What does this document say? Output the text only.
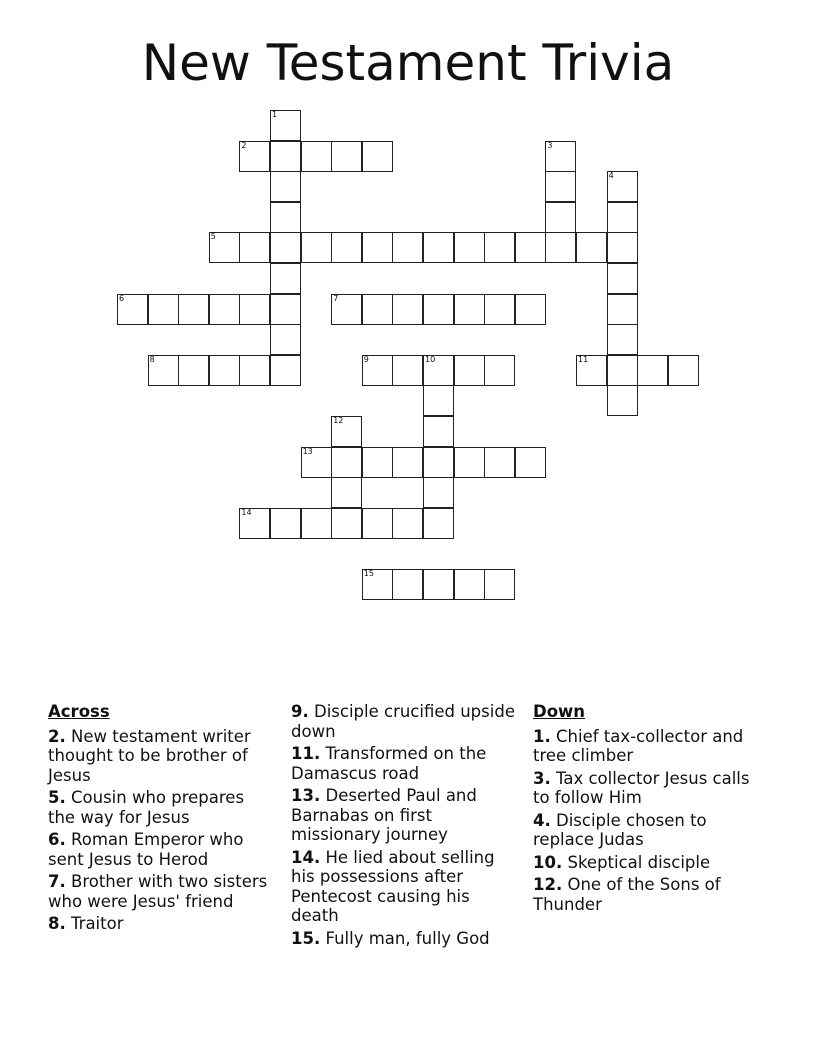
New Testament Trivia
1
2	3
4
5
6	7
8	9	10	11
12
13
14
15
Across
2. New testament writer thought to be brother of Jesus
5. Cousin who prepares the way for Jesus
6. Roman Emperor who sent Jesus to Herod
7. Brother with two sisters who were Jesus' friend
8. Traitor
9. Disciple crucified upside down
11. Transformed on the Damascus road
13. Deserted Paul and Barnabas on first missionary journey
14. He lied about selling his possessions after Pentecost causing his death
15. Fully man, fully God
Down
1. Chief tax-collector and tree climber
3. Tax collector Jesus calls to follow Him
4. Disciple chosen to replace Judas
10. Skeptical disciple
12. One of the Sons of Thunder
